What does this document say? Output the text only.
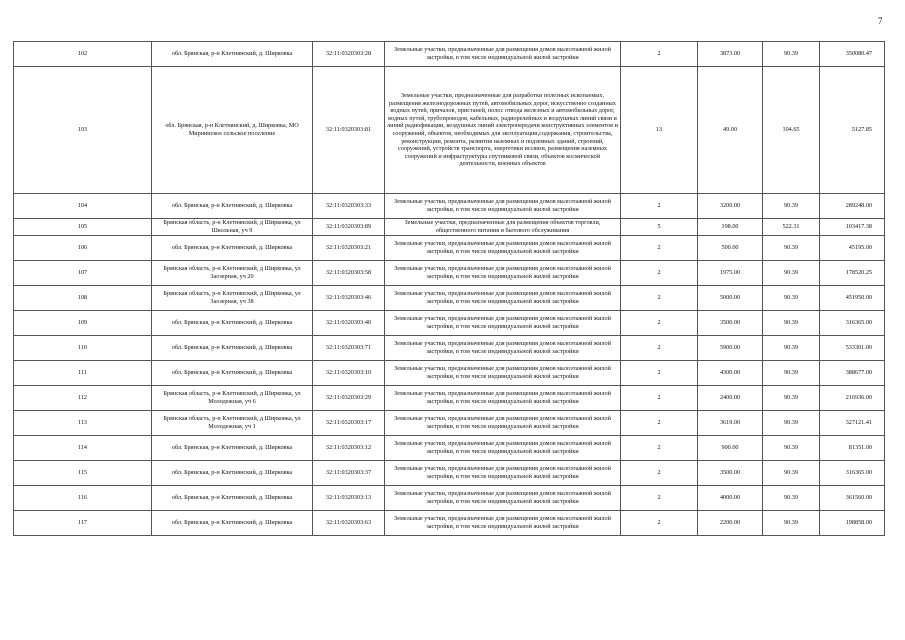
7
102	обл. Брянская, р-н Клетнянский, д. Ширковка	32:11:0320303:28	Земельные участки, предназначенные для размещения домов малоэтажной жилой застройки, в том числе индивидуальной жилой застройки	2	3873.00	90.39	350080.47
103	обл. Брянская, р-н Клетнянский, д. Ширковка, МО Мирнинское сельское поселение	32:11:0320303:81	Земельные участки, предназначенные для разработки полезных ископаемых, размещения железнодорожных путей, автомобильных дорог, искусственно созданных водных путей, причалов, пристаней, полос отвода железных и автомобильных дорог, водных путей, трубопроводов, кабельных, радиорелейных и воздушных линий связи и линий радиофикации, воздушных линий электропередачи конструктивных элементов и сооружений, объектов, необходимых для эксплуатации,содержания, строительства, реконструкции, ремонта, развития наземных и подземных зданий, строений, сооружений, устройств транспорта, энергетики иссвязи, размещения наземных сооружений и инфраструктуры спутниковой связи, объектов космической деятельности, военных объектов	13	49.00	104.65	5127.85
104	обл. Брянская, р-н Клетнянский, д. Ширковка	32:11:0320303:33	Земельные участки, предназначенные для размещения домов малоэтажной жилой застройки, в том числе индивидуальной жилой застройки	2	3200.00	90.39	289248.00
105	Брянская область, р-н Клетнянский, д Ширковка, ул Школьная, уч 9	32:11:0320303:89	Земельные участки, предназначенные для размещения объектов торговли, общественного питания и бытового обслуживания	5	198.00	522.31	103417.38
106	обл. Брянская, р-н Клетнянский, д. Ширковка	32:11:0320303:21	Земельные участки, предназначенные для размещения домов малоэтажной жилой застройки, в том числе индивидуальной жилой застройки	2	500.00	90.39	45195.00
107	Брянская область, р-н Клетнянский, д Ширковка, ул Заозерная, уч 20	32:11:0320303:58	Земельные участки, предназначенные для размещения домов малоэтажной жилой застройки, в том числе индивидуальной жилой застройки	2	1975.00	90.39	178520.25
108	Брянская область, р-н Клетнянский, д Ширковка, ул Заозерная, уч 38	32:11:0320303:46	Земельные участки, предназначенные для размещения домов малоэтажной жилой застройки, в том числе индивидуальной жилой застройки	2	5000.00	90.39	451950.00
109	обл. Брянская, р-н Клетнянский, д. Ширковка	32:11:0320303:40	Земельные участки, предназначенные для размещения домов малоэтажной жилой застройки, в том числе индивидуальной жилой застройки	2	3500.00	90.39	316365.00
110	обл. Брянская, р-н Клетнянский, д. Ширковка	32:11:0320303:71	Земельные участки, предназначенные для размещения домов малоэтажной жилой застройки, в том числе индивидуальной жилой застройки	2	5900.00	90.39	533301.00
111	обл. Брянская, р-н Клетнянский, д. Ширковка	32:11:0320303:10	Земельные участки, предназначенные для размещения домов малоэтажной жилой застройки, в том числе индивидуальной жилой застройки	2	4300.00	90.39	388677.00
112	Брянская область, р-н Клетнянский, д Ширковка, ул Молодежная, уч 6	32:11:0320303:29	Земельные участки, предназначенные для размещения домов малоэтажной жилой застройки, в том числе индивидуальной жилой застройки	2	2400.00	90.39	216936.00
113	Брянская область, р-н Клетнянский, д Ширковка, ул Молодежная, уч 1	32:11:0320303:17	Земельные участки, предназначенные для размещения домов малоэтажной жилой застройки, в том числе индивидуальной жилой застройки	2	3619.00	90.39	327121.41
114	обл. Брянская, р-н Клетнянский, д. Ширковка	32:11:0320303:12	Земельные участки, предназначенные для размещения домов малоэтажной жилой застройки, в том числе индивидуальной жилой застройки	2	900.00	90.39	81351.00
115	обл. Брянская, р-н Клетнянский, д. Ширковка	32:11:0320303:37	Земельные участки, предназначенные для размещения домов малоэтажной жилой застройки, в том числе индивидуальной жилой застройки	2	3500.00	90.39	316365.00
116	обл. Брянская, р-н Клетнянский, д. Ширковка	32:11:0320303:13	Земельные участки, предназначенные для размещения домов малоэтажной жилой застройки, в том числе индивидуальной жилой застройки	2	4000.00	90.39	361560.00
117	обл. Брянская, р-н Клетнянский, д. Ширковка	32:11:0320303:63	Земельные участки, предназначенные для размещения домов малоэтажной жилой застройки, в том числе индивидуальной жилой застройки	2	2200.00	90.39	198858.00
